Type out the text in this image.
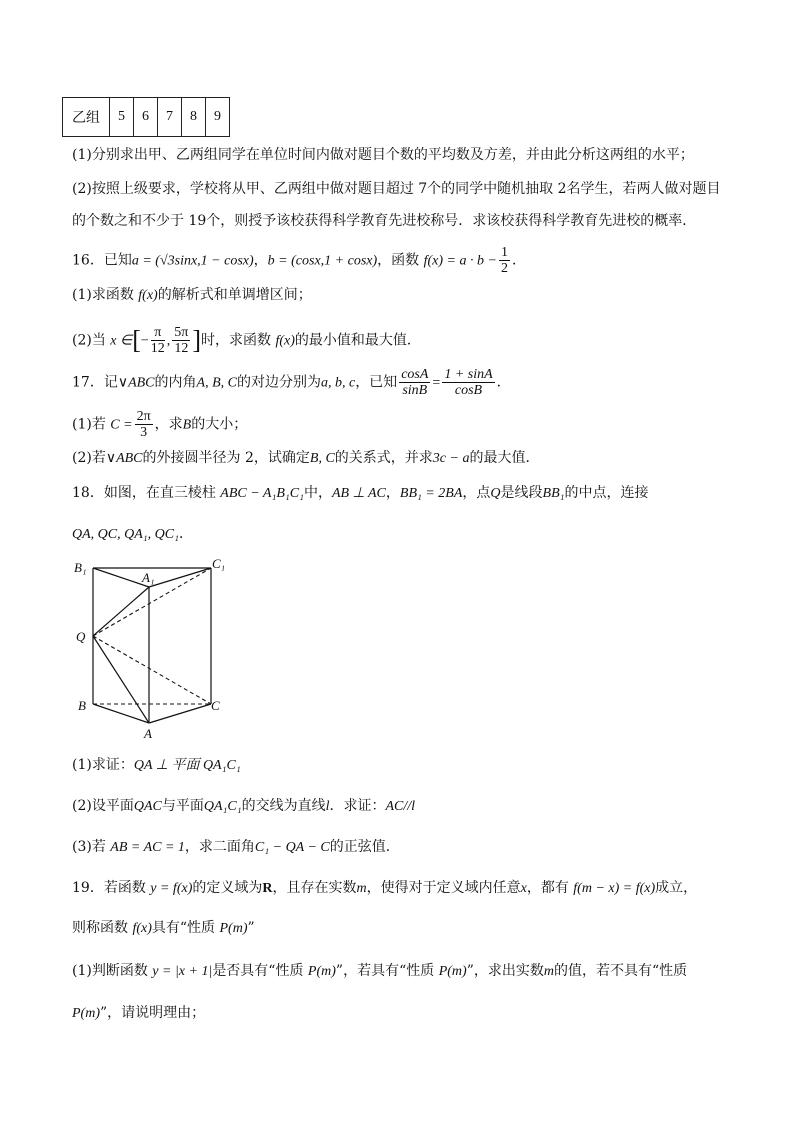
乙组	5	6	7	8	9
(1)分别求出甲、乙两组同学在单位时间内做对题目个数的平均数及方差，并由此分析这两组的水平；
(2)按照上级要求，学校将从甲、乙两组中做对题目超过 7个的同学中随机抽取 2名学生，若两人做对题目
的个数之和不少于 19个，则授予该校获得科学教育先进校称号．求该校获得科学教育先进校的概率．
16．已知a = (√3sinx,1 − cosx)，b = (cosx,1 + cosx)，函数 $f(x) = a \cdot b - \frac{1}{2}$ ．
(1)求函数 f(x)的解析式和单调增区间；
(2)当 x ∈[− $\frac{\pi}{12}$ , $\frac{5\pi}{12}$ ]时，求函数 f(x)的最小值和最大值．
17．记∨ABC的内角A, B, C的对边分别为a, b, c，已知 $\frac{\cos A}{\sin B} = \frac{1 + \sin A}{\cos B}$ ．
(1)若 $C = \frac{2\pi}{3}$ ，求B的大小；
(2)若∨ABC的外接圆半径为 2，试确定B, C的关系式，并求3c − a的最大值．
18．如图，在直三棱柱 ABC − A₁B₁C₁中，AB ⊥ AC，BB₁ = 2BA，点Q是线段BB₁的中点，连接
QA, QC, QA₁, QC₁．
B₁
A₁
C₁
Q
B	C
A
(1)求证：QA ⊥ 平面 QA₁C₁
(2)设平面QAC与平面QA₁C₁的交线为直线l．求证：AC//l
(3)若 AB = AC = 1，求二面角C₁ − QA − C的正弦值．
19．若函数 y = f(x)的定义域为R，且存在实数m，使得对于定义域内任意x，都有 f(m − x) = f(x)成立，
则称函数 f(x)具有“性质 P(m)”
(1)判断函数 y = |x + 1|是否具有“性质 P(m)”，若具有“性质 P(m)”，求出实数m的值，若不具有“性质
P(m)”，请说明理由；
